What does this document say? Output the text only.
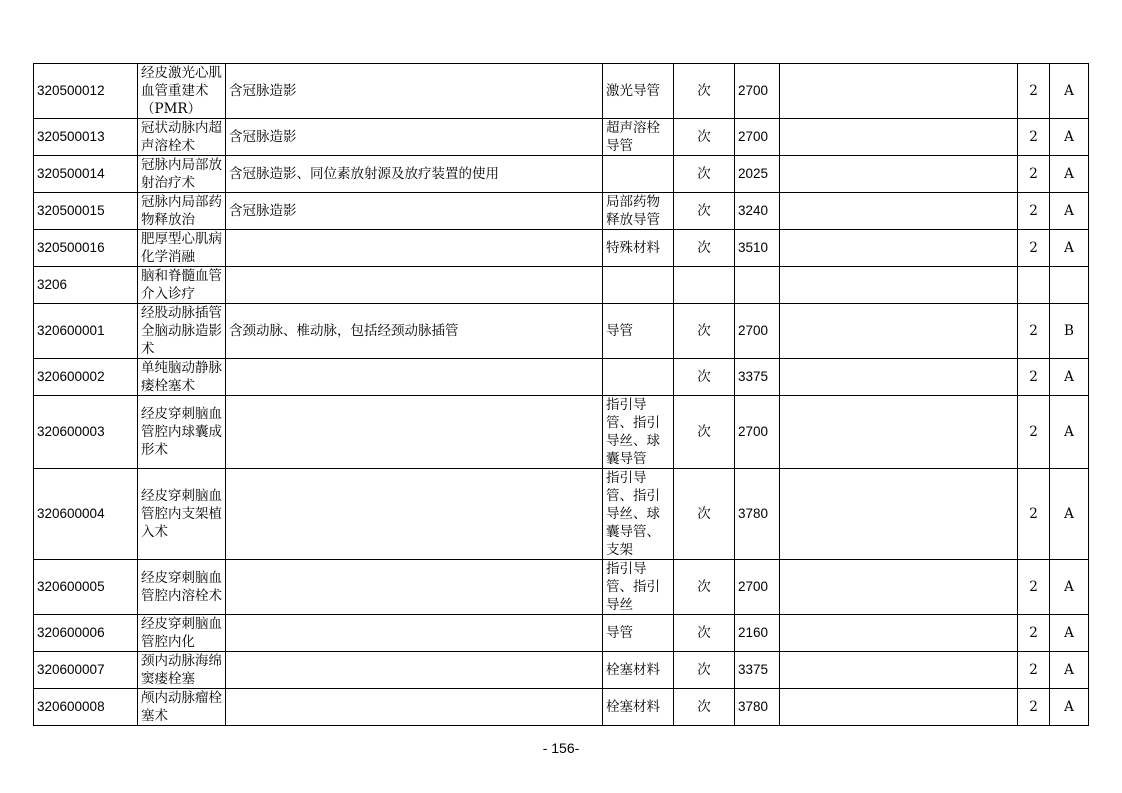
320500012	经皮激光心肌血管重建术（PMR）	含冠脉造影	激光导管	次	2700		2	A
320500013	冠状动脉内超声溶栓术	含冠脉造影	超声溶栓导管	次	2700		2	A
320500014	冠脉内局部放射治疗术	含冠脉造影、同位素放射源及放疗装置的使用		次	2025		2	A
320500015	冠脉内局部药物释放治	含冠脉造影	局部药物释放导管	次	3240		2	A
320500016	肥厚型心肌病化学消融		特殊材料	次	3510		2	A
3206	脑和脊髓血管介入诊疗							
320600001	经股动脉插管全脑动脉造影术	含颈动脉、椎动脉，包括经颈动脉插管	导管	次	2700		2	B
320600002	单纯脑动静脉瘘栓塞术			次	3375		2	A
320600003	经皮穿刺脑血管腔内球囊成形术		指引导管、指引导丝、球囊导管	次	2700		2	A
320600004	经皮穿刺脑血管腔内支架植入术		指引导管、指引导丝、球囊导管、支架	次	3780		2	A
320600005	经皮穿刺脑血管腔内溶栓术		指引导管、指引导丝	次	2700		2	A
320600006	经皮穿刺脑血管腔内化		导管	次	2160		2	A
320600007	颈内动脉海绵窦瘘栓塞		栓塞材料	次	3375		2	A
320600008	颅内动脉瘤栓塞术		栓塞材料	次	3780		2	A
- 156-
